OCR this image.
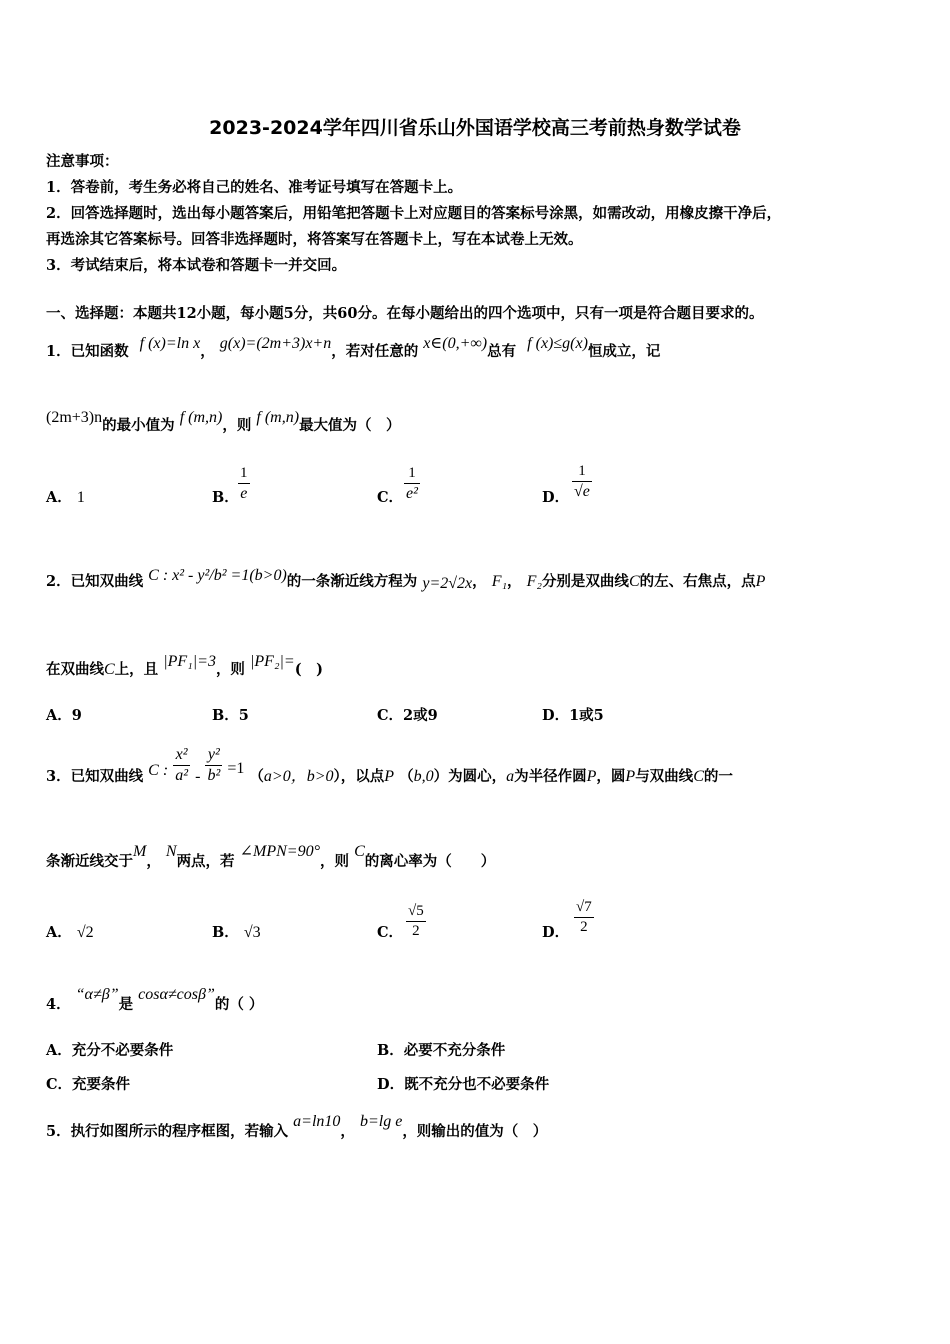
2023-2024学年四川省乐山外国语学校高三考前热身数学试卷
注意事项：
1．答卷前，考生务必将自己的姓名、准考证号填写在答题卡上。
2．回答选择题时，选出每小题答案后，用铅笔把答题卡上对应题目的答案标号涂黑，如需改动，用橡皮擦干净后，
再选涂其它答案标号。回答非选择题时，将答案写在答题卡上，写在本试卷上无效。
3．考试结束后，将本试卷和答题卡一并交回。
一、选择题：本题共12小题，每小题5分，共60分。在每小题给出的四个选项中，只有一项是符合题目要求的。
1．已知函数 f (x)=ln x， g(x)=(2m+3)x+n，若对任意的 x∈(0,+∞)总有 f (x)≤g(x)恒成立，记
(2m+3)n的最小值为 f (m,n)，则 f (m,n)最大值为（　）
A． 1	B． $\frac{1}{e}$	C． $\frac{1}{\text{e²}}$	D． $\frac{1}{√e}$
2．已知双曲线 C : x² - y²/b² =1(b>0)的一条渐近线方程为 y=2√2x， F₁， F₂分别是双曲线C的左、右焦点，点P
在双曲线C上，且 |PF₁|=3，则 |PF₂|=(　)
A．9	B．5	C．2或9	D．1或5
3．已知双曲线 C : $\frac{\text{x²}}{\text{a²}} - \frac{\text{y²}}{\text{b²}} =1$ （a>0，b>0），以点P （b,0）为圆心，a为半径作圆P，圆P与双曲线C的一
条渐近线交于M， N两点，若 ∠MPN=90°，则 C的离心率为（　　）
A． √2	B． √3	C． $\frac{√5}{2}$	D． $\frac{√7}{2}$
4． “α≠β”是 cosα≠cosβ”的（ ）
A．充分不必要条件	B．必要不充分条件
C．充要条件	D．既不充分也不必要条件
5．执行如图所示的程序框图，若输入 a=ln10， b=lg e，则输出的值为（　）
